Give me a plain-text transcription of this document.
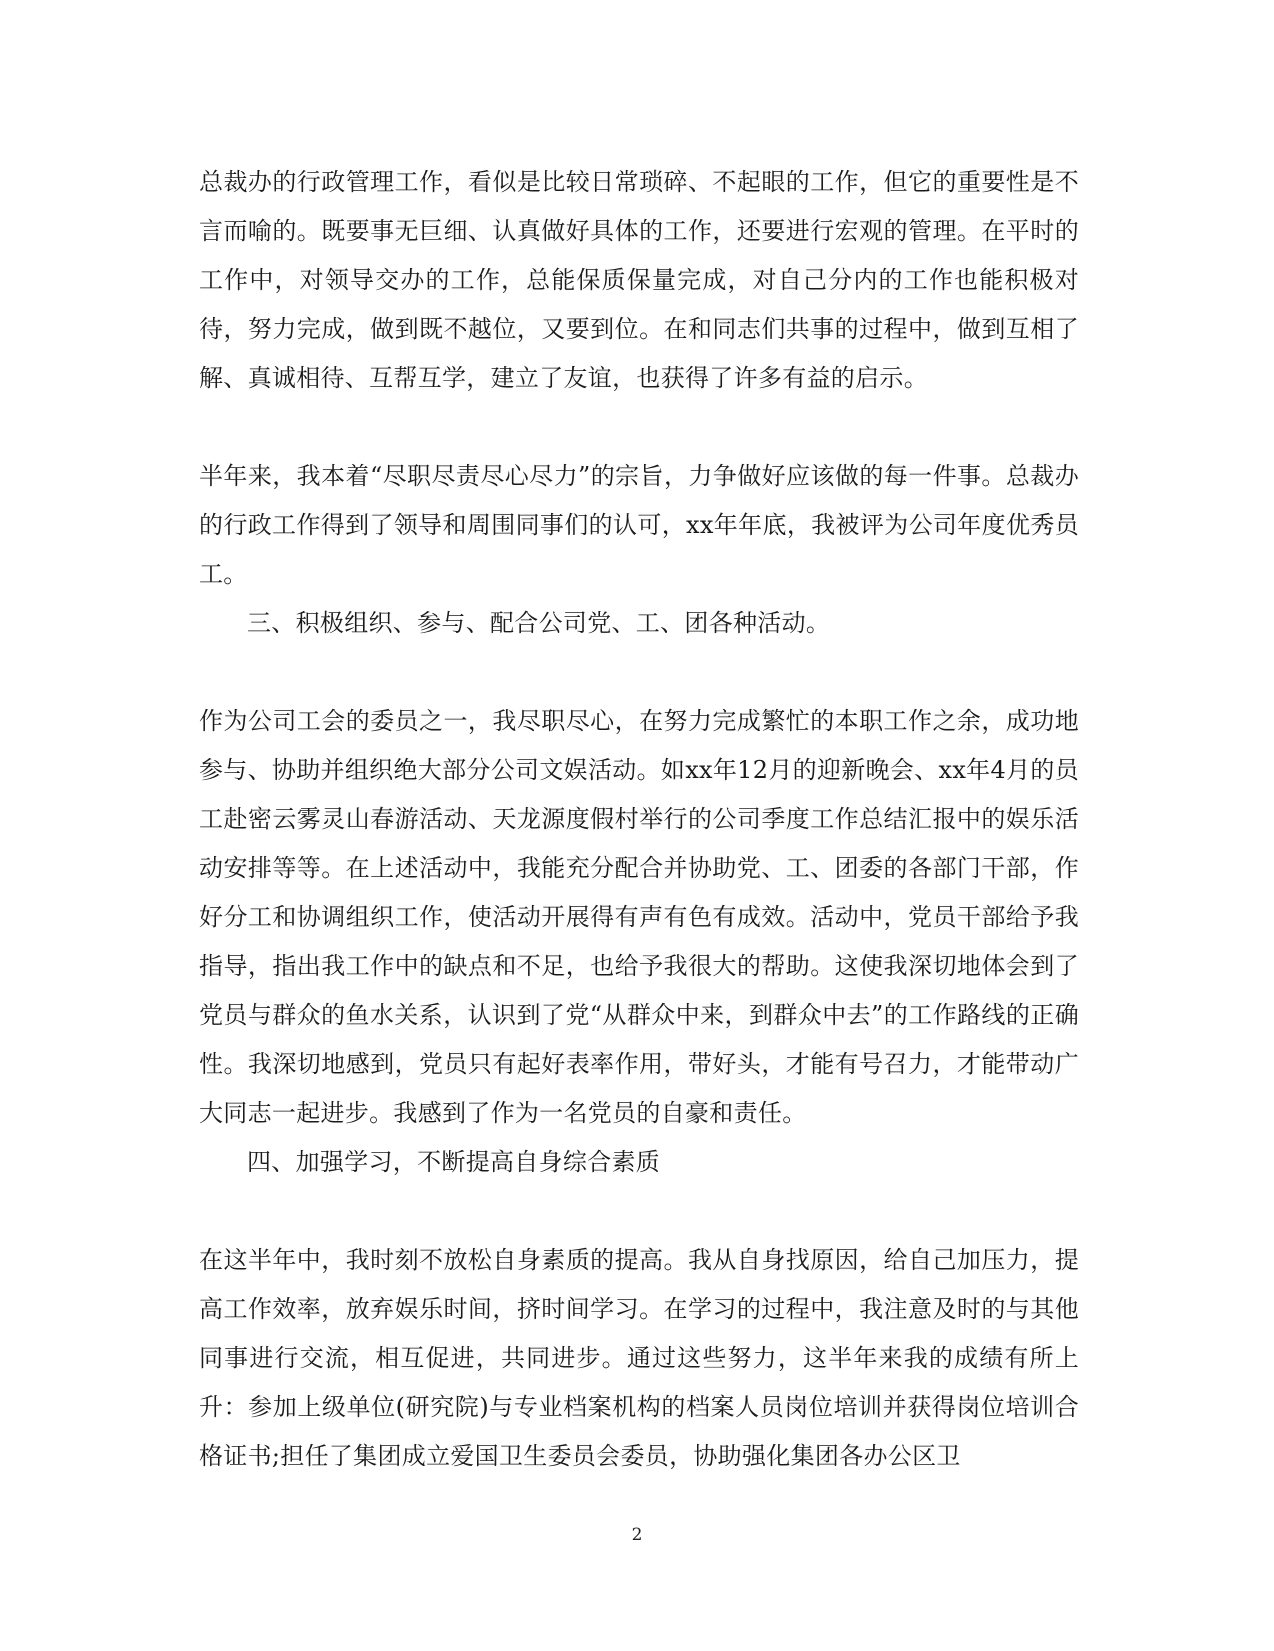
总裁办的行政管理工作，看似是比较日常琐碎、不起眼的工作，但它的重要性是不言而喻的。既要事无巨细、认真做好具体的工作，还要进行宏观的管理。在平时的工作中，对领导交办的工作，总能保质保量完成，对自己分内的工作也能积极对待，努力完成，做到既不越位，又要到位。在和同志们共事的过程中，做到互相了解、真诚相待、互帮互学，建立了友谊，也获得了许多有益的启示。

半年来，我本着“尽职尽责尽心尽力”的宗旨，力争做好应该做的每一件事。总裁办的行政工作得到了领导和周围同事们的认可，xx年年底，我被评为公司年度优秀员工。

三、积极组织、参与、配合公司党、工、团各种活动。

作为公司工会的委员之一，我尽职尽心，在努力完成繁忙的本职工作之余，成功地参与、协助并组织绝大部分公司文娱活动。如xx年12月的迎新晚会、xx年4月的员工赴密云雾灵山春游活动、天龙源度假村举行的公司季度工作总结汇报中的娱乐活动安排等等。在上述活动中，我能充分配合并协助党、工、团委的各部门干部，作好分工和协调组织工作，使活动开展得有声有色有成效。活动中，党员干部给予我指导，指出我工作中的缺点和不足，也给予我很大的帮助。这使我深切地体会到了党员与群众的鱼水关系，认识到了党“从群众中来，到群众中去”的工作路线的正确性。我深切地感到，党员只有起好表率作用，带好头，才能有号召力，才能带动广大同志一起进步。我感到了作为一名党员的自豪和责任。

四、加强学习，不断提高自身综合素质

在这半年中，我时刻不放松自身素质的提高。我从自身找原因，给自己加压力，提高工作效率，放弃娱乐时间，挤时间学习。在学习的过程中，我注意及时的与其他同事进行交流，相互促进，共同进步。通过这些努力，这半年来我的成绩有所上升：参加上级单位(研究院)与专业档案机构的档案人员岗位培训并获得岗位培训合格证书;担任了集团成立爱国卫生委员会委员，协助强化集团各办公区卫

2
